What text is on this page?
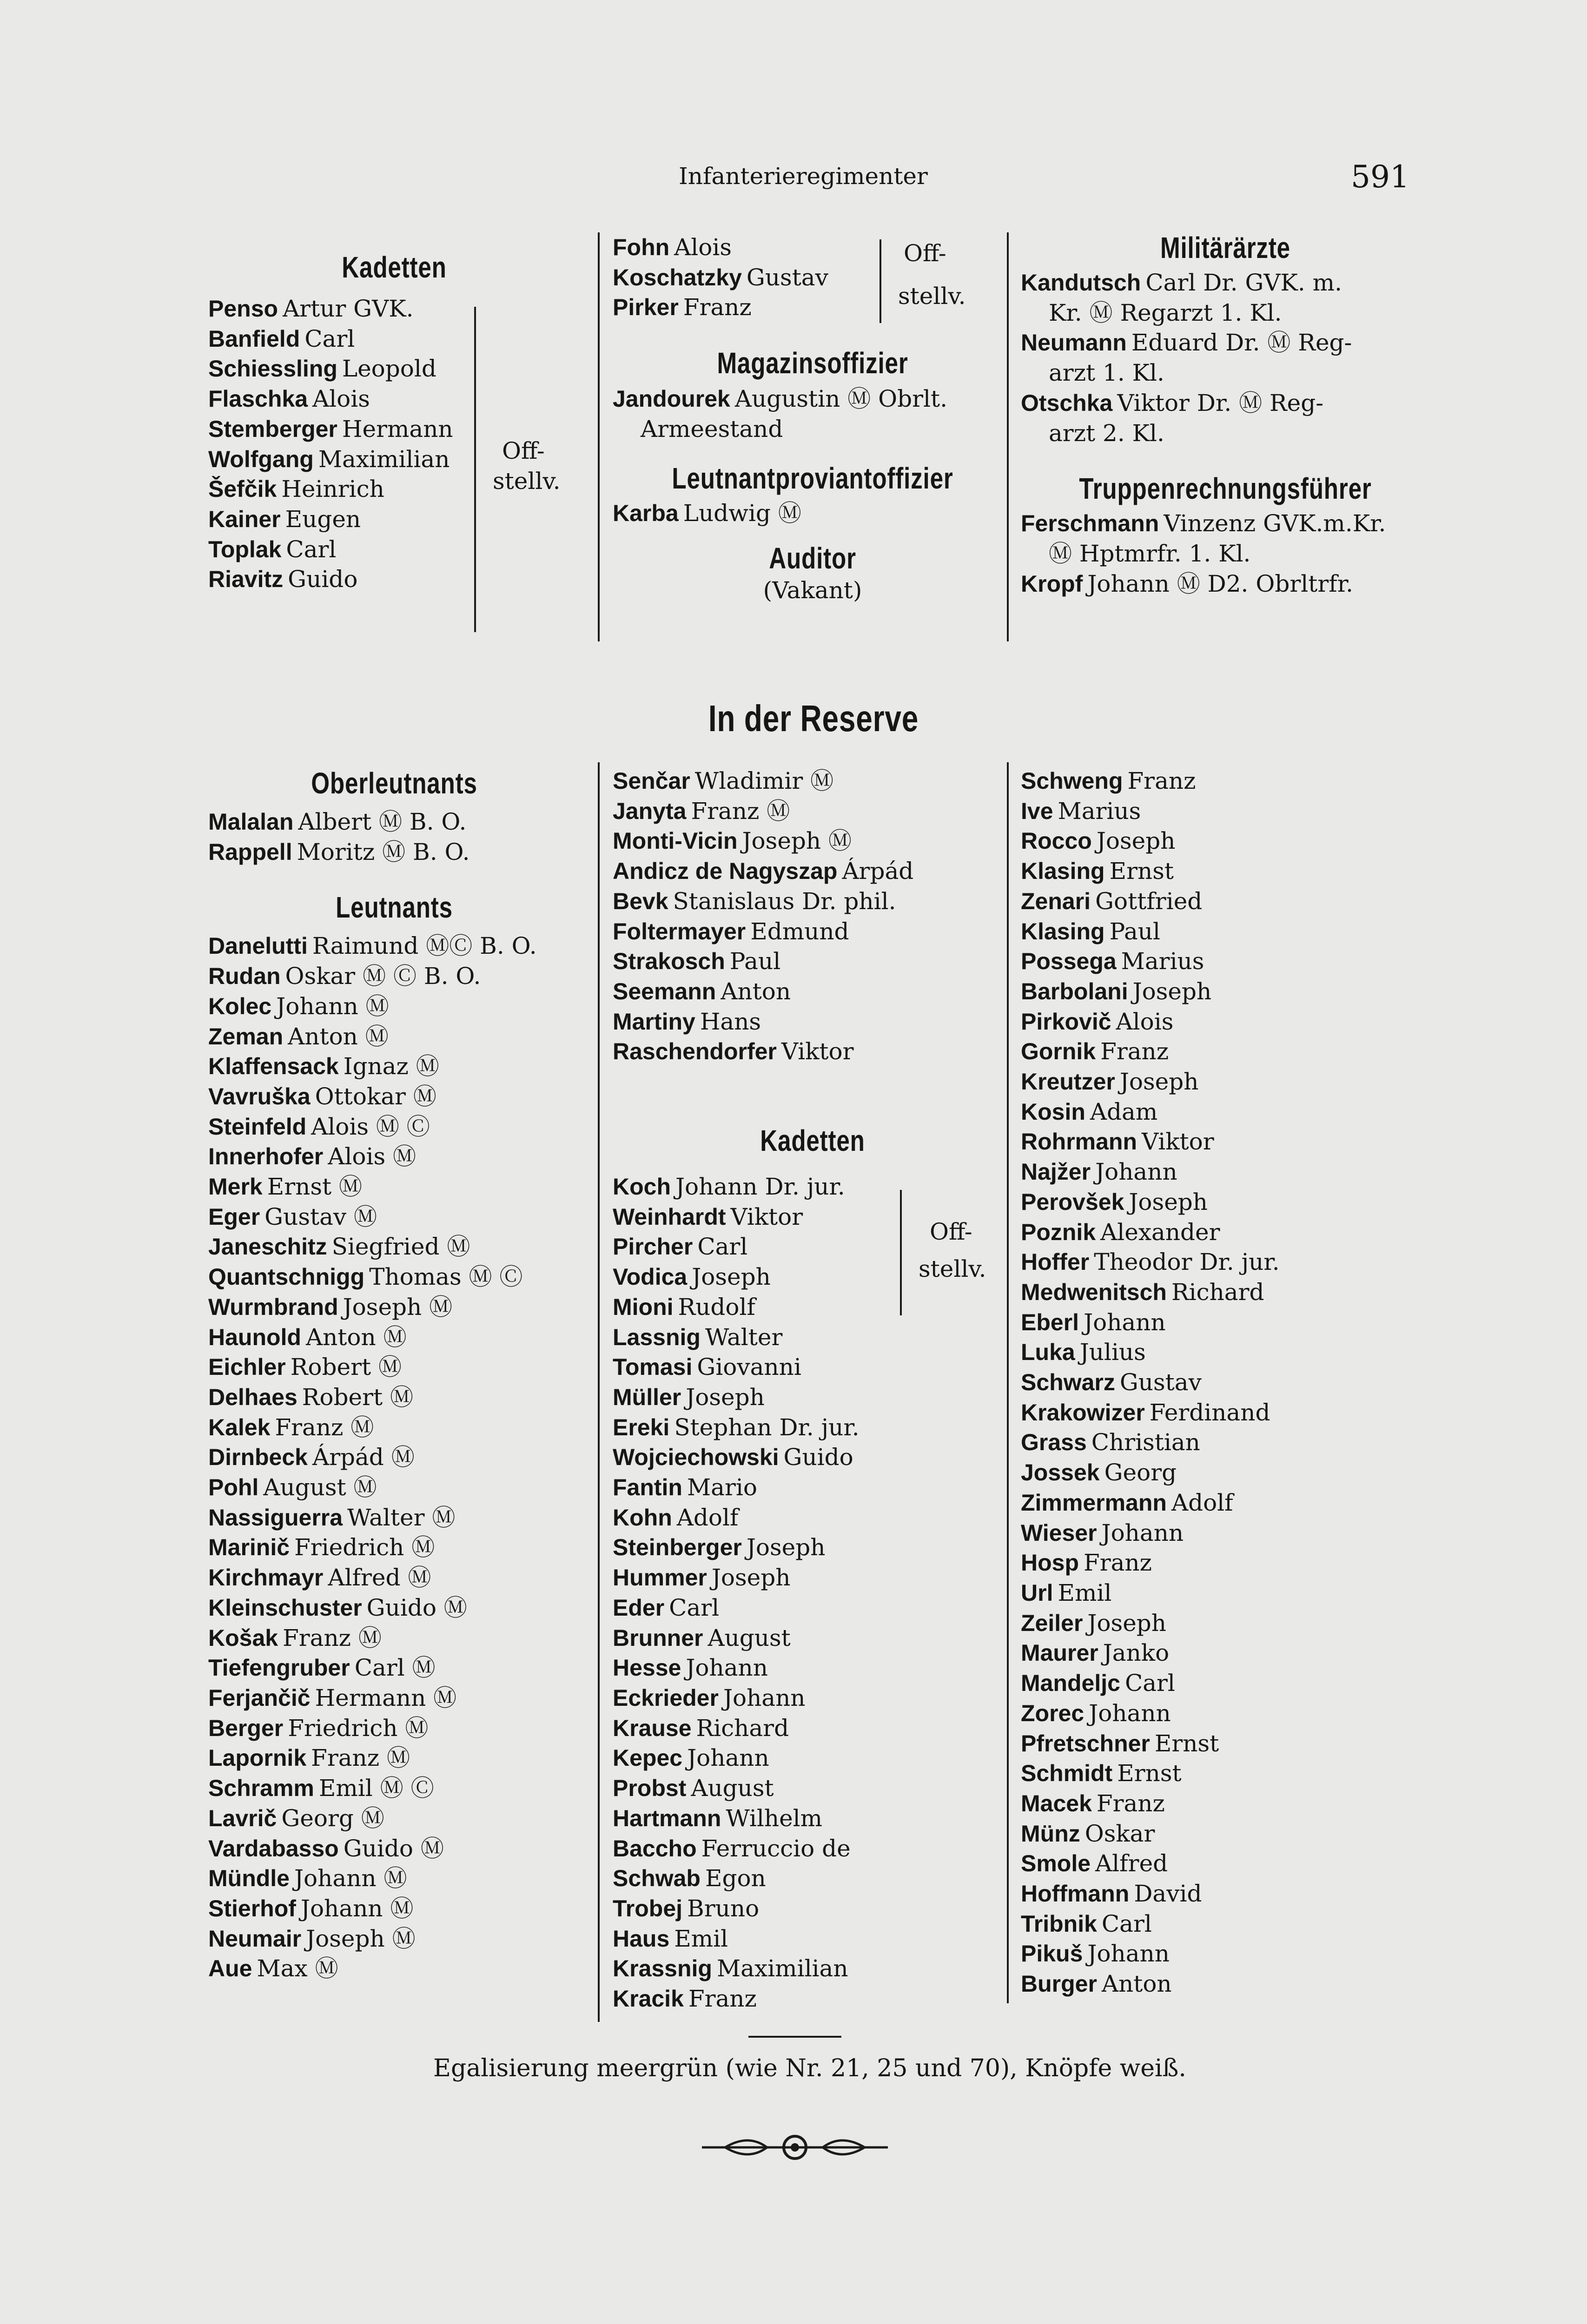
Infanterieregimenter	591
Kadetten
Penso Artur GVK.
Banfield Carl
Schiessling Leopold
Flaschka Alois
Stemberger Hermann
Wolfgang Maximilian
Šefčik Heinrich
Kainer Eugen
Toplak Carl
Riavitz Guido
Off-
stellv.
Fohn Alois
Koschatzky Gustav
Pirker Franz
Magazinsoffizier
Jandourek Augustin Ⓜ Obrlt.
Armeestand
Leutnantproviantoffizier
Karba Ludwig Ⓜ
Auditor
(Vakant)
Off-
stellv.
Militärärzte
Kandutsch Carl Dr. GVK. m.
Kr. Ⓜ Regarzt 1. Kl.
Neumann Eduard Dr. Ⓜ Reg-
arzt 1. Kl.
Otschka Viktor Dr. Ⓜ Reg-
arzt 2. Kl.
Truppenrechnungsführer
Ferschmann Vinzenz GVK.m.Kr.
Ⓜ Hptmrfr. 1. Kl.
Kropf Johann Ⓜ D2. Obrltrfr.
In der Reserve
Oberleutnants
Malalan Albert Ⓜ B. O.
Rappell Moritz Ⓜ B. O.
Leutnants
Danelutti Raimund ⓂⒸ B. O.
Rudan Oskar Ⓜ Ⓒ B. O.
Kolec Johann Ⓜ
Zeman Anton Ⓜ
Klaffensack Ignaz Ⓜ
Vavruška Ottokar Ⓜ
Steinfeld Alois Ⓜ Ⓒ
Innerhofer Alois Ⓜ
Merk Ernst Ⓜ
Eger Gustav Ⓜ
Janeschitz Siegfried Ⓜ
Quantschnigg Thomas Ⓜ Ⓒ
Wurmbrand Joseph Ⓜ
Haunold Anton Ⓜ
Eichler Robert Ⓜ
Delhaes Robert Ⓜ
Kalek Franz Ⓜ
Dirnbeck Árpád Ⓜ
Pohl August Ⓜ
Nassiguerra Walter Ⓜ
Marinič Friedrich Ⓜ
Kirchmayr Alfred Ⓜ
Kleinschuster Guido Ⓜ
Košak Franz Ⓜ
Tiefengruber Carl Ⓜ
Ferjančič Hermann Ⓜ
Berger Friedrich Ⓜ
Lapornik Franz Ⓜ
Schramm Emil Ⓜ Ⓒ
Lavrič Georg Ⓜ
Vardabasso Guido Ⓜ
Mündle Johann Ⓜ
Stierhof Johann Ⓜ
Neumair Joseph Ⓜ
Aue Max Ⓜ
Senčar Wladimir Ⓜ
Janyta Franz Ⓜ
Monti-Vicin Joseph Ⓜ
Andicz de Nagyszap Árpád
Bevk Stanislaus Dr. phil.
Foltermayer Edmund
Strakosch Paul
Seemann Anton
Martiny Hans
Raschendorfer Viktor
Kadetten
Koch Johann Dr. jur.
Weinhardt Viktor
Pircher Carl
Vodica Joseph
Mioni Rudolf
Lassnig Walter
Tomasi Giovanni
Müller Joseph
Ereki Stephan Dr. jur.
Wojciechowski Guido
Fantin Mario
Kohn Adolf
Steinberger Joseph
Hummer Joseph
Eder Carl
Brunner August
Hesse Johann
Eckrieder Johann
Krause Richard
Kepec Johann
Probst August
Hartmann Wilhelm
Baccho Ferruccio de
Schwab Egon
Trobej Bruno
Haus Emil
Krassnig Maximilian
Kracik Franz
Off-
stellv.
Schweng Franz
Ive Marius
Rocco Joseph
Klasing Ernst
Zenari Gottfried
Klasing Paul
Possega Marius
Barbolani Joseph
Pirkovič Alois
Gornik Franz
Kreutzer Joseph
Kosin Adam
Rohrmann Viktor
Najžer Johann
Perovšek Joseph
Poznik Alexander
Hoffer Theodor Dr. jur.
Medwenitsch Richard
Eberl Johann
Luka Julius
Schwarz Gustav
Krakowizer Ferdinand
Grass Christian
Jossek Georg
Zimmermann Adolf
Wieser Johann
Hosp Franz
Url Emil
Zeiler Joseph
Maurer Janko
Mandeljc Carl
Zorec Johann
Pfretschner Ernst
Schmidt Ernst
Macek Franz
Münz Oskar
Smole Alfred
Hoffmann David
Tribnik Carl
Pikuš Johann
Burger Anton
Egalisierung meergrün (wie Nr. 21, 25 und 70), Knöpfe weiß.
